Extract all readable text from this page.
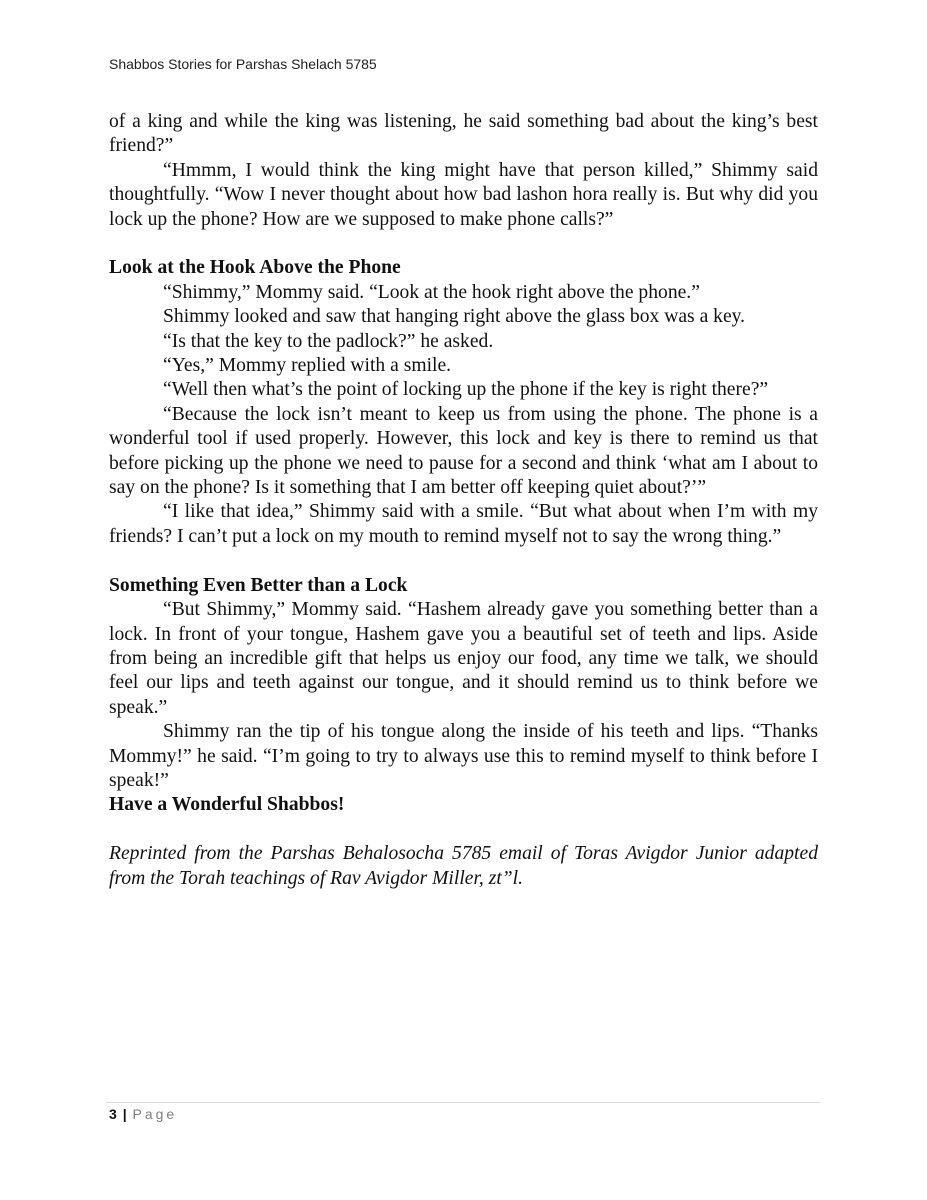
Shabbos Stories for Parshas Shelach 5785

of a king and while the king was listening, he said something bad about the king’s best friend?”

“Hmmm, I would think the king might have that person killed,” Shimmy said thoughtfully. “Wow I never thought about how bad lashon hora really is. But why did you lock up the phone? How are we supposed to make phone calls?”

Look at the Hook Above the Phone

“Shimmy,” Mommy said. “Look at the hook right above the phone.”

Shimmy looked and saw that hanging right above the glass box was a key.

“Is that the key to the padlock?” he asked.

“Yes,” Mommy replied with a smile.

“Well then what’s the point of locking up the phone if the key is right there?”

“Because the lock isn’t meant to keep us from using the phone. The phone is a wonderful tool if used properly. However, this lock and key is there to remind us that before picking up the phone we need to pause for a second and think ‘what am I about to say on the phone? Is it something that I am better off keeping quiet about?’”

“I like that idea,” Shimmy said with a smile. “But what about when I’m with my friends? I can’t put a lock on my mouth to remind myself not to say the wrong thing.”

Something Even Better than a Lock

“But Shimmy,” Mommy said. “Hashem already gave you something better than a lock. In front of your tongue, Hashem gave you a beautiful set of teeth and lips. Aside from being an incredible gift that helps us enjoy our food, any time we talk, we should feel our lips and teeth against our tongue, and it should remind us to think before we speak.”

Shimmy ran the tip of his tongue along the inside of his teeth and lips. “Thanks Mommy!” he said. “I’m going to try to always use this to remind myself to think before I speak!”

Have a Wonderful Shabbos!

Reprinted from the Parshas Behalosocha 5785 email of Toras Avigdor Junior adapted from the Torah teachings of Rav Avigdor Miller, zt”l.

3 | Page
